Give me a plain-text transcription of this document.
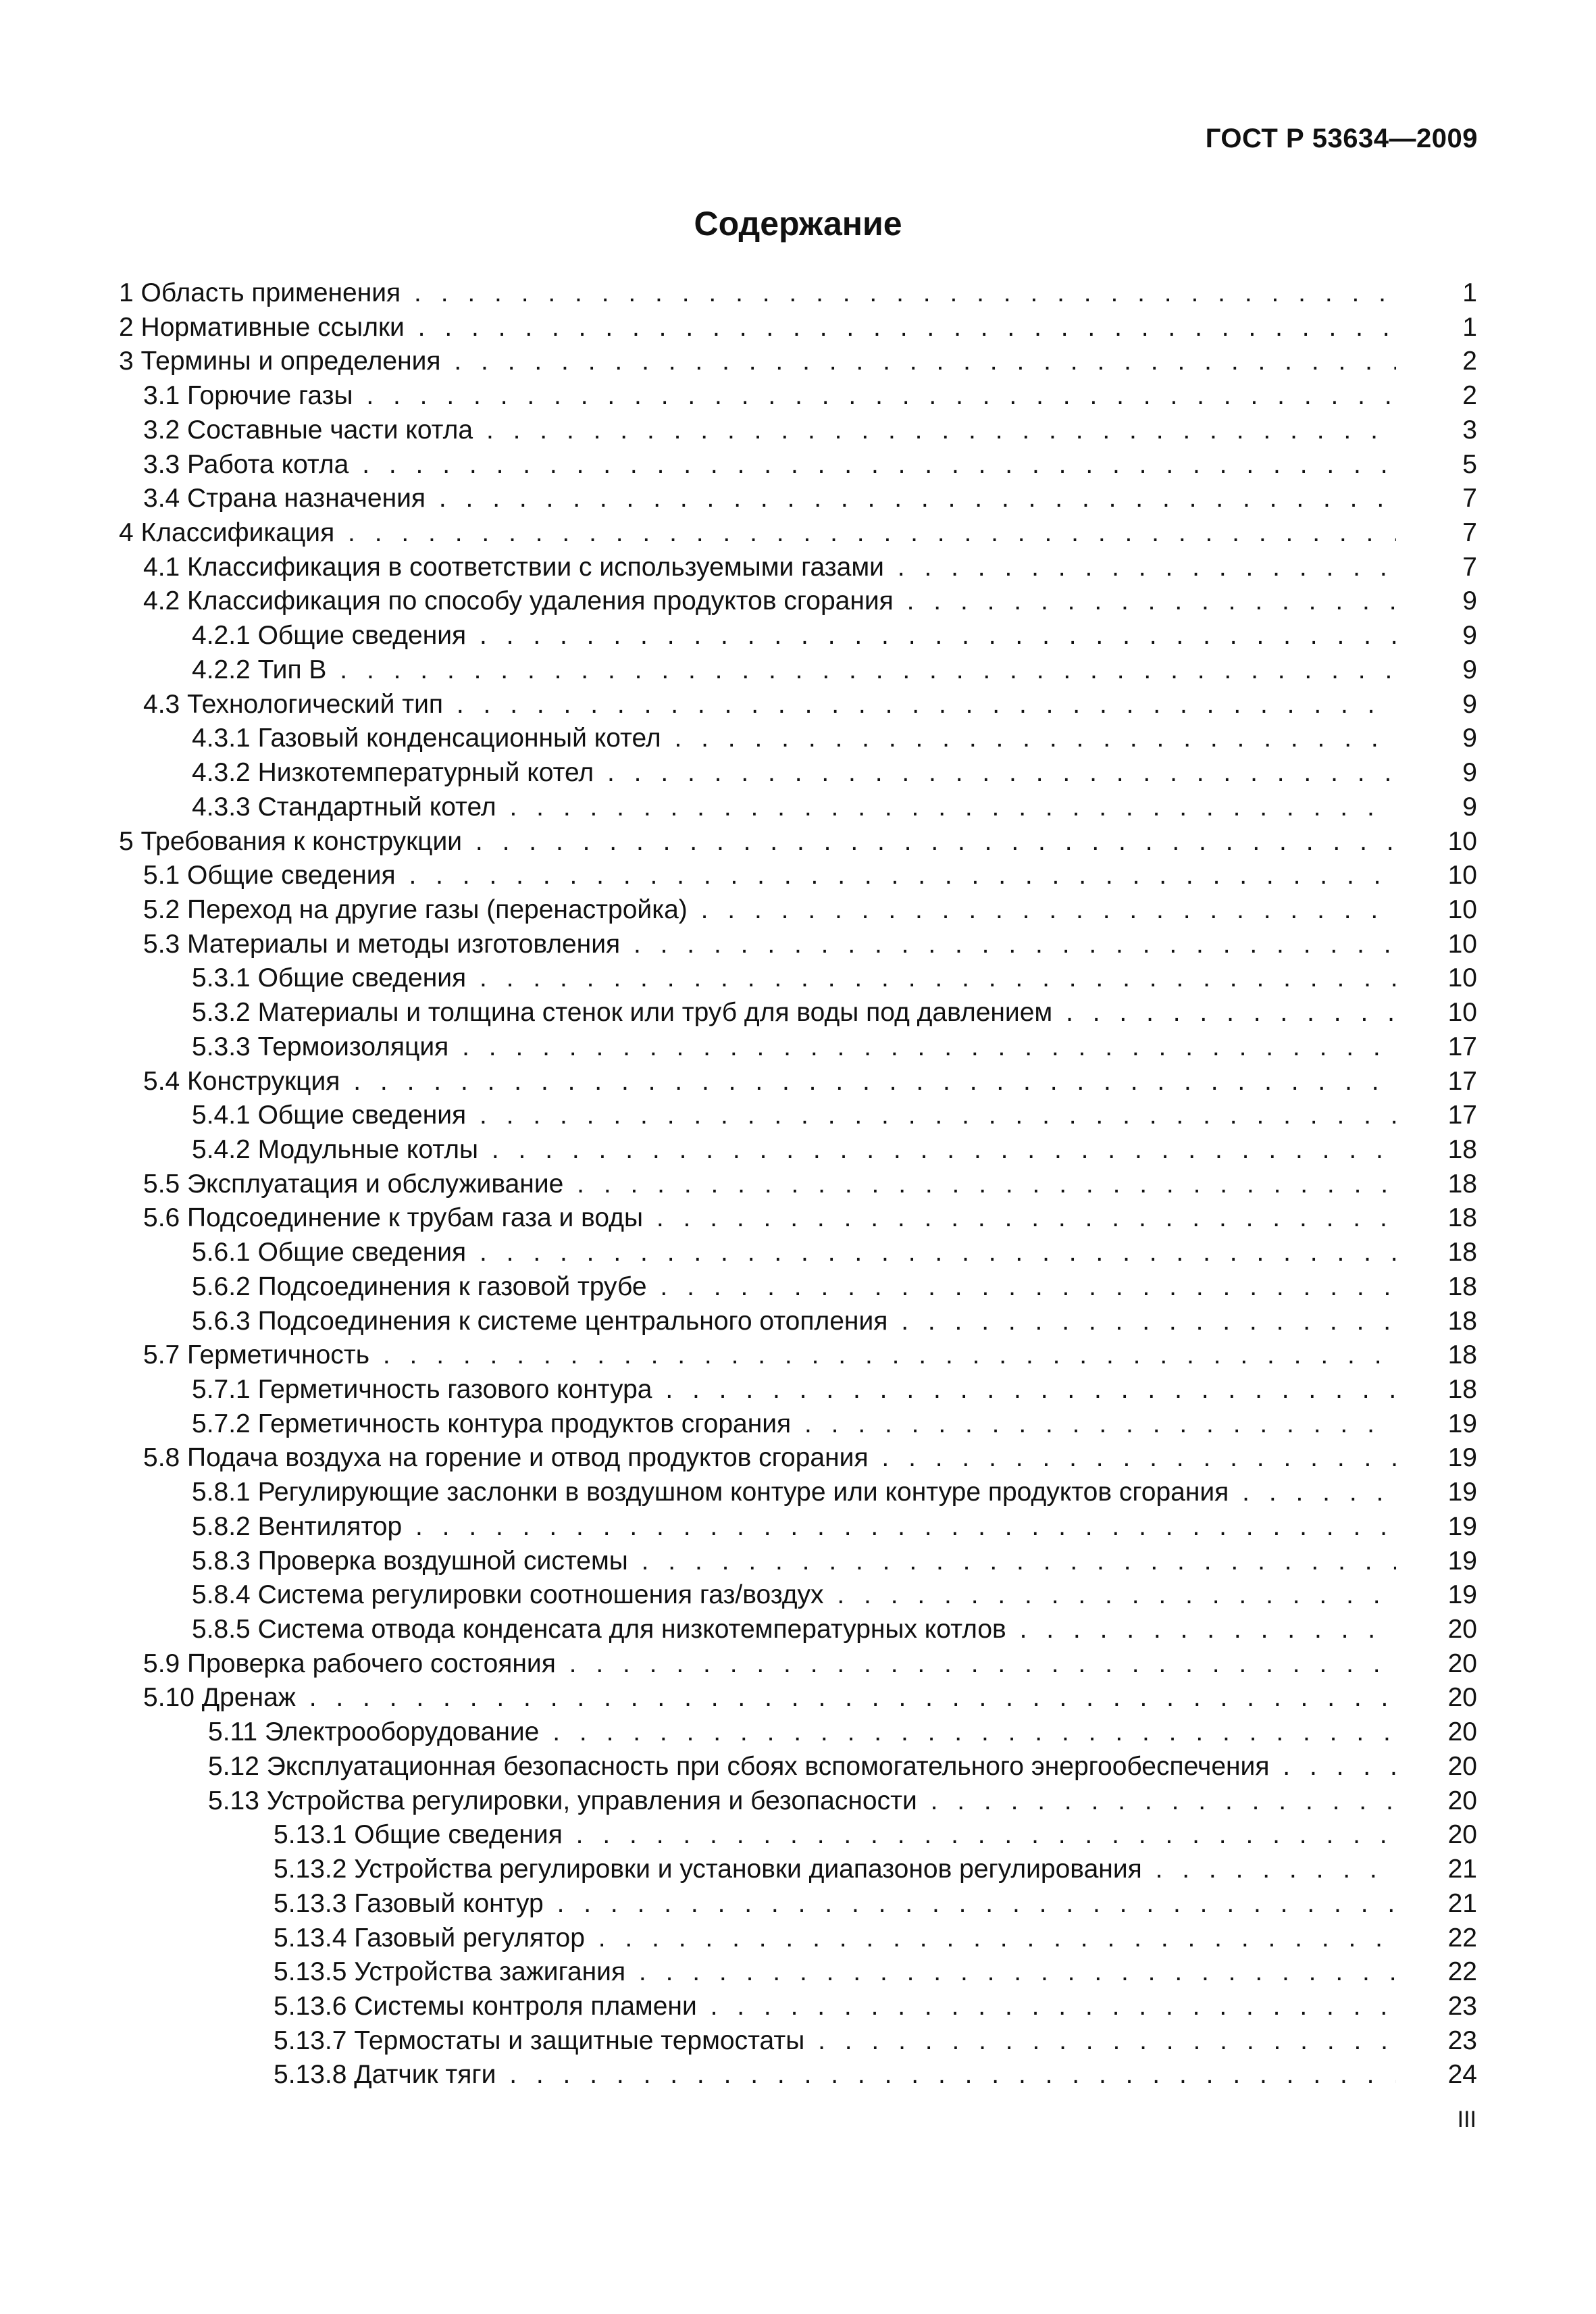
ГОСТ Р 53634—2009
Содержание
1 Область применения . . .	1
2 Нормативные ссылки . . .	1
3 Термины и определения . . .	2
3.1 Горючие газы . . .	2
3.2 Составные части котла . . .	3
3.3 Работа котла . . .	5
3.4 Страна назначения . . .	7
4 Классификация . . .	7
4.1 Классификация в соответствии с используемыми газами . . .	7
4.2 Классификация по способу удаления продуктов сгорания . . .	9
4.2.1 Общие сведения . . .	9
4.2.2 Тип В . . .	9
4.3 Технологический тип . . .	9
4.3.1 Газовый конденсационный котел . . .	9
4.3.2 Низкотемпературный котел . . .	9
4.3.3 Стандартный котел . . .	9
5 Требования к конструкции . . .	10
5.1 Общие сведения . . .	10
5.2 Переход на другие газы (перенастройка) . . .	10
5.3 Материалы и методы изготовления . . .	10
5.3.1 Общие сведения . . .	10
5.3.2 Материалы и толщина стенок или труб для воды под давлением . . .	10
5.3.3 Термоизоляция . . .	17
5.4 Конструкция . . .	17
5.4.1 Общие сведения . . .	17
5.4.2 Модульные котлы . . .	18
5.5 Эксплуатация и обслуживание . . .	18
5.6 Подсоединение к трубам газа и воды . . .	18
5.6.1 Общие сведения . . .	18
5.6.2 Подсоединения к газовой трубе . . .	18
5.6.3 Подсоединения к системе центрального отопления . . .	18
5.7 Герметичность . . .	18
5.7.1 Герметичность газового контура . . .	18
5.7.2 Герметичность контура продуктов сгорания . . .	19
5.8 Подача воздуха на горение и отвод продуктов сгорания . . .	19
5.8.1 Регулирующие заслонки в воздушном контуре или контуре продуктов сгорания . . .	19
5.8.2 Вентилятор . . .	19
5.8.3 Проверка воздушной системы . . .	19
5.8.4 Система регулировки соотношения газ/воздух . . .	19
5.8.5 Система отвода конденсата для низкотемпературных котлов . . .	20
5.9 Проверка рабочего состояния . . .	20
5.10 Дренаж . . .	20
5.11 Электрооборудование . . .	20
5.12 Эксплуатационная безопасность при сбоях вспомогательного энергообеспечения . . .	20
5.13 Устройства регулировки, управления и безопасности . . .	20
5.13.1 Общие сведения . . .	20
5.13.2 Устройства регулировки и установки диапазонов регулирования . . .	21
5.13.3 Газовый контур . . .	21
5.13.4 Газовый регулятор . . .	22
5.13.5 Устройства зажигания . . .	22
5.13.6 Системы контроля пламени . . .	23
5.13.7 Термостаты и защитные термостаты . . .	23
5.13.8 Датчик тяги . . .	24
III
